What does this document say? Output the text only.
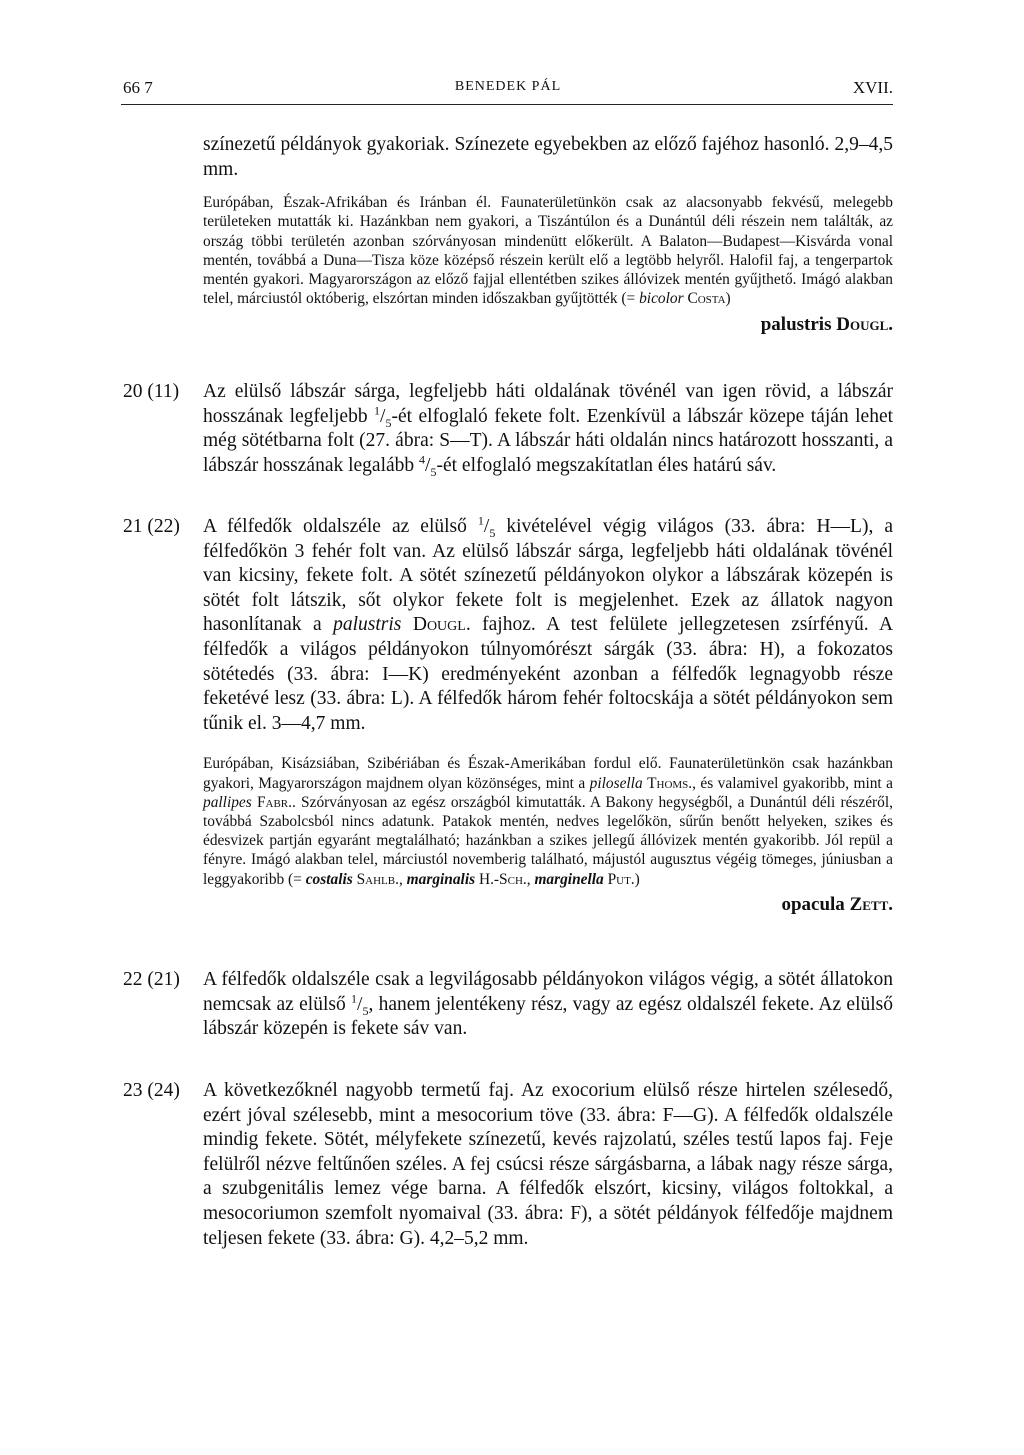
66 7	BENEDEK PÁL	XVII.

színezetű példányok gyakoriak. Színezete egyebekben az előző fajéhoz hasonló. 2,9–4,5 mm.

Európában, Észak-Afrikában és Iránban él. Faunaterületünkön csak az alacsonyabb fekvésű, melegebb területeken mutatták ki. Hazánkban nem gyakori, a Tiszántúlon és a Dunántúl déli részein nem találták, az ország többi területén azonban szórványosan mindenütt előkerült. A Balaton—Budapest—Kisvárda vonal mentén, továbbá a Duna—Tisza köze középső részein került elő a legtöbb helyről. Halofil faj, a tengerpartok mentén gyakori. Magyarországon az előző fajjal ellentétben szikes állóvizek mentén gyűjthető. Imágó alakban telel, márciustól októberig, elszórtan minden időszakban gyűjtötték (= bicolor Costa)

palustris Dougl.

20 (11) Az elülső lábszár sárga, legfeljebb háti oldalának tövénél van igen rövid, a lábszár hosszának legfeljebb $^1/_5-ét$ elfoglaló fekete folt. Ezenkívül a lábszár közepe táján lehet még sötétbarna folt (27. ábra: S—T). A lábszár háti oldalán nincs határozott hosszanti, a lábszár hosszának legalább $^4/_5-ét$ elfoglaló megszakítatlan éles határú sáv.

21 (22) A félfedők oldalszéle az elülső $^1/_5$ kivételével végig világos (33. ábra: H—L), a félfedőkön 3 fehér folt van. Az elülső lábszár sárga, legfeljebb háti oldalának tövénél van kicsiny, fekete folt. A sötét színezetű példányokon olykor a lábszárak közepén is sötét folt látszik, sőt olykor fekete folt is megjelenhet. Ezek az állatok nagyon hasonlítanak a palustris Dougl. fajhoz. A test felülete jellegzetesen zsírfényű. A félfedők a világos példányokon túlnyomórészt sárgák (33. ábra: H), a fokozatos sötétedés (33. ábra: I—K) eredményeként azonban a félfedők legnagyobb része feketévé lesz (33. ábra: L). A félfedők három fehér foltocskája a sötét példányokon sem tűnik el. 3—4,7 mm.

Európában, Kisázsiában, Szibériában és Észak-Amerikában fordul elő. Faunaterületünkön csak hazánkban gyakori, Magyarországon majdnem olyan közönséges, mint a pilosella Thoms., és valamivel gyakoribb, mint a pallipes Fabr.. Szórványosan az egész országból kimutatták. A Bakony hegységből, a Dunántúl déli részéről, továbbá Szabolcsból nincs adatunk. Patakok mentén, nedves legelőkön, sűrűn benőtt helyeken, szikes és édesvizek partján egyaránt megtalálható; hazánkban a szikes jellegű állóvizek mentén gyakoribb. Jól repül a fényre. Imágó alakban telel, márciustól novemberig található, májustól augusztus végéig tömeges, júniusban a leggyakoribb (= costalis Sahlb., marginalis H.-Sch., marginella Put.)

opacula Zett.

22 (21) A félfedők oldalszéle csak a legvilágosabb példányokon világos végig, a sötét állatokon nemcsak az elülső $^1/_5$, hanem jelentékeny rész, vagy az egész oldalszél fekete. Az elülső lábszár közepén is fekete sáv van.

23 (24) A következőknél nagyobb termetű faj. Az exocorium elülső része hirtelen szélesedő, ezért jóval szélesebb, mint a mesocorium töve (33. ábra: F—G). A félfedők oldalszéle mindig fekete. Sötét, mélyfekete színezetű, kevés rajzolatú, széles testű lapos faj. Feje felülről nézve feltűnően széles. A fej csúcsi része sárgásbarna, a lábak nagy része sárga, a szubgenitális lemez vége barna. A félfedők elszórt, kicsiny, világos foltokkal, a mesocoriumon szemfolt nyomaival (33. ábra: F), a sötét példányok félfedője majdnem teljesen fekete (33. ábra: G). 4,2–5,2 mm.
